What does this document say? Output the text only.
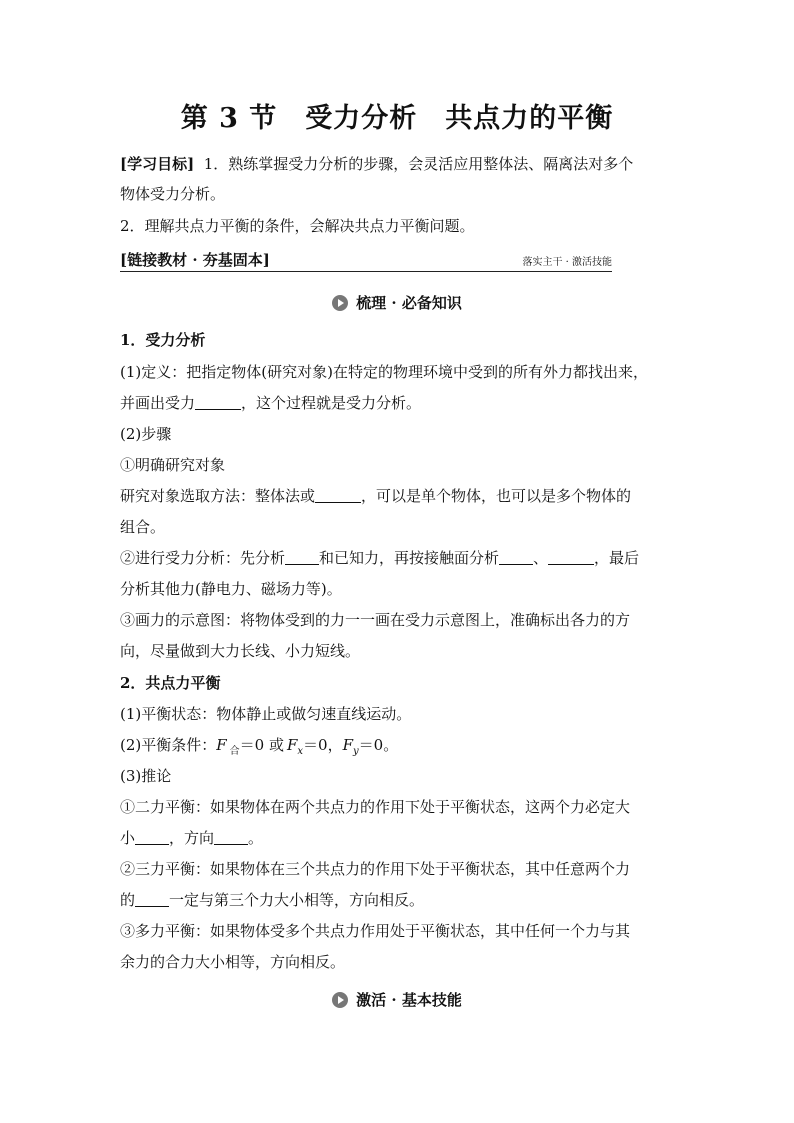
第 3 节 受力分析 共点力的平衡
[学习目标] 1．熟练掌握受力分析的步骤，会灵活应用整体法、隔离法对多个
物体受力分析。
2．理解共点力平衡的条件，会解决共点力平衡问题。
[链接教材 · 夯基固本]	落实主干 · 激活技能
梳理 · 必备知识
1．受力分析
(1)定义：把指定物体(研究对象)在特定的物理环境中受到的所有外力都找出来，
并画出受力	，这个过程就是受力分析。
(2)步骤
①明确研究对象
研究对象选取方法：整体法或	，可以是单个物体，也可以是多个物体的
组合。
②进行受力分析：先分析 和已知力，再按接触面分析 、	，最后
分析其他力(静电力、磁场力等)。
③画力的示意图：将物体受到的力一一画在受力示意图上，准确标出各力的方
向，尽量做到大力长线、小力短线。
2．共点力平衡
(1)平衡状态：物体静止或做匀速直线运动。
(2)平衡条件：F  $_合$＝0 或  $F_x=0$，$F_y=0$。
(3)推论
①二力平衡：如果物体在两个共点力的作用下处于平衡状态，这两个力必定大
小 ，方向 。
②三力平衡：如果物体在三个共点力的作用下处于平衡状态，其中任意两个力
的 一定与第三个力大小相等，方向相反。
③多力平衡：如果物体受多个共点力作用处于平衡状态，其中任何一个力与其
余力的合力大小相等，方向相反。
激活 · 基本技能
